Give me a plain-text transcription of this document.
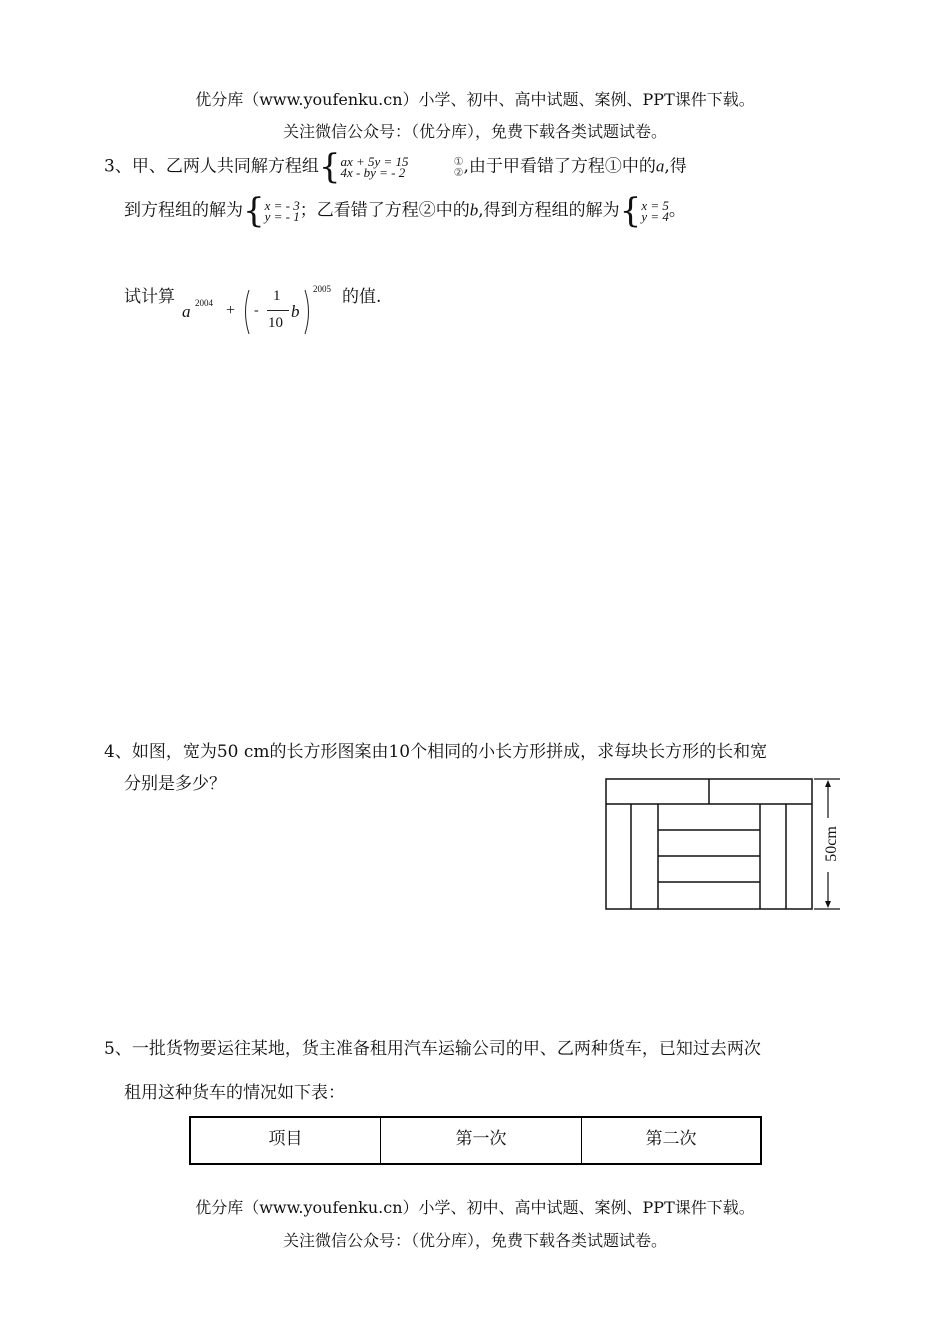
优分库（www.youfenku.cn）小学、初中、高中试题、案例、PPT课件下载。
关注微信公众号：（优分库），免费下载各类试题试卷。
3、甲、乙两人共同解方程组{ ax + 5y = 15
4x - by = - 2
①
② ,由于甲看错了方程①中的a,得
到方程组的解为{ x = - 3
y = - 1 ；乙看错了方程②中的b,得到方程组的解为{ x = 5
y = 4 。
试计算
a 2004 + -
1
10
b
2005 的值.
4、如图，宽为50 cm的长方形图案由10个相同的小长方形拼成，求每块长方形的长和宽
分别是多少？
50cm
5、一批货物要运往某地，货主准备租用汽车运输公司的甲、乙两种货车，已知过去两次
租用这种货车的情况如下表：
项目	第一次	第二次
优分库（www.youfenku.cn）小学、初中、高中试题、案例、PPT课件下载。
关注微信公众号：（优分库），免费下载各类试题试卷。
